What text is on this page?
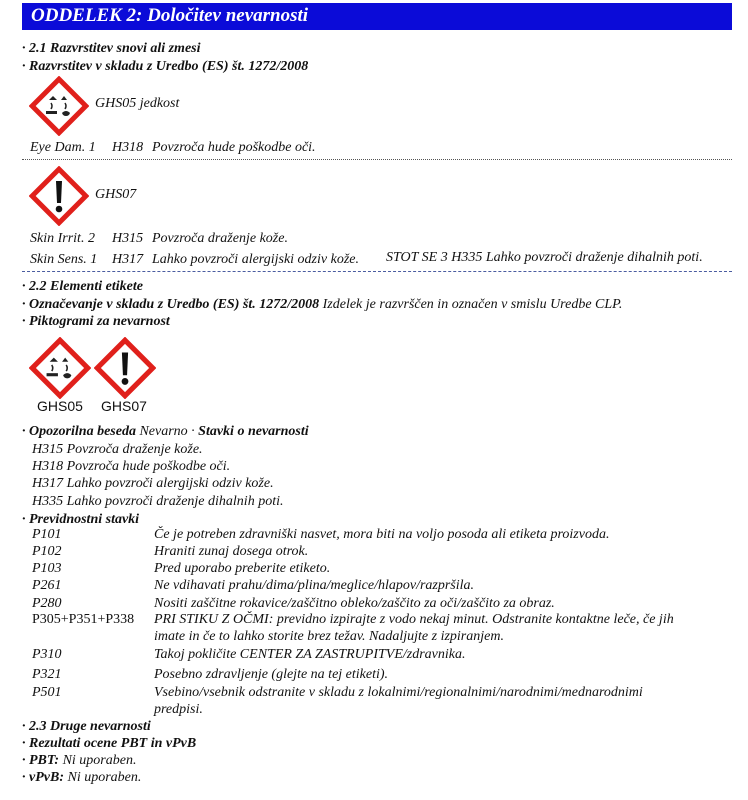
ODDELEK 2: Določitev nevarnosti
· 2.1 Razvrstitev snovi ali zmesi
· Razvrstitev v skladu z Uredbo (ES) št. 1272/2008
GHS05 jedkost
Eye Dam. 1 H318 Povzroča hude poškodbe oči.
GHS07
Skin Irrit. 2 H315 Povzroča draženje kože.
Skin Sens. 1 H317 Lahko povzroči alergijski odziv kože. STOT SE 3 H335 Lahko povzroči draženje dihalnih poti.
· 2.2 Elementi etikete
· Označevanje v skladu z Uredbo (ES) št. 1272/2008 Izdelek je razvrščen in označen v smislu Uredbe CLP.
· Piktogrami za nevarnost
GHS05 GHS07
· Opozorilna beseda Nevarno · Stavki o nevarnosti
H315 Povzroča draženje kože.
H318 Povzroča hude poškodbe oči.
H317 Lahko povzroči alergijski odziv kože.
H335 Lahko povzroči draženje dihalnih poti.
· Previdnostni stavki
P101	Če je potreben zdravniški nasvet, mora biti na voljo posoda ali etiketa proizvoda.
P102	Hraniti zunaj dosega otrok.
P103	Pred uporabo preberite etiketo.
P261	Ne vdihavati prahu/dima/plina/meglice/hlapov/razpršila.
P280	Nositi zaščitne rokavice/zaščitno obleko/zaščito za oči/zaščito za obraz.
P305+P351+P338 PRI STIKU Z OČMI: previdno izpirajte z vodo nekaj minut. Odstranite kontaktne leče, če jih
imate in če to lahko storite brez težav. Nadaljujte z izpiranjem.
P310	Takoj pokličite CENTER ZA ZASTRUPITVE/zdravnika.
P321	Posebno zdravljenje (glejte na tej etiketi).
P501	Vsebino/vsebnik odstranite v skladu z lokalnimi/regionalnimi/narodnimi/mednarodnimi
predpisi.
· 2.3 Druge nevarnosti
· Rezultati ocene PBT in vPvB
· PBT: Ni uporaben.
· vPvB: Ni uporaben.
